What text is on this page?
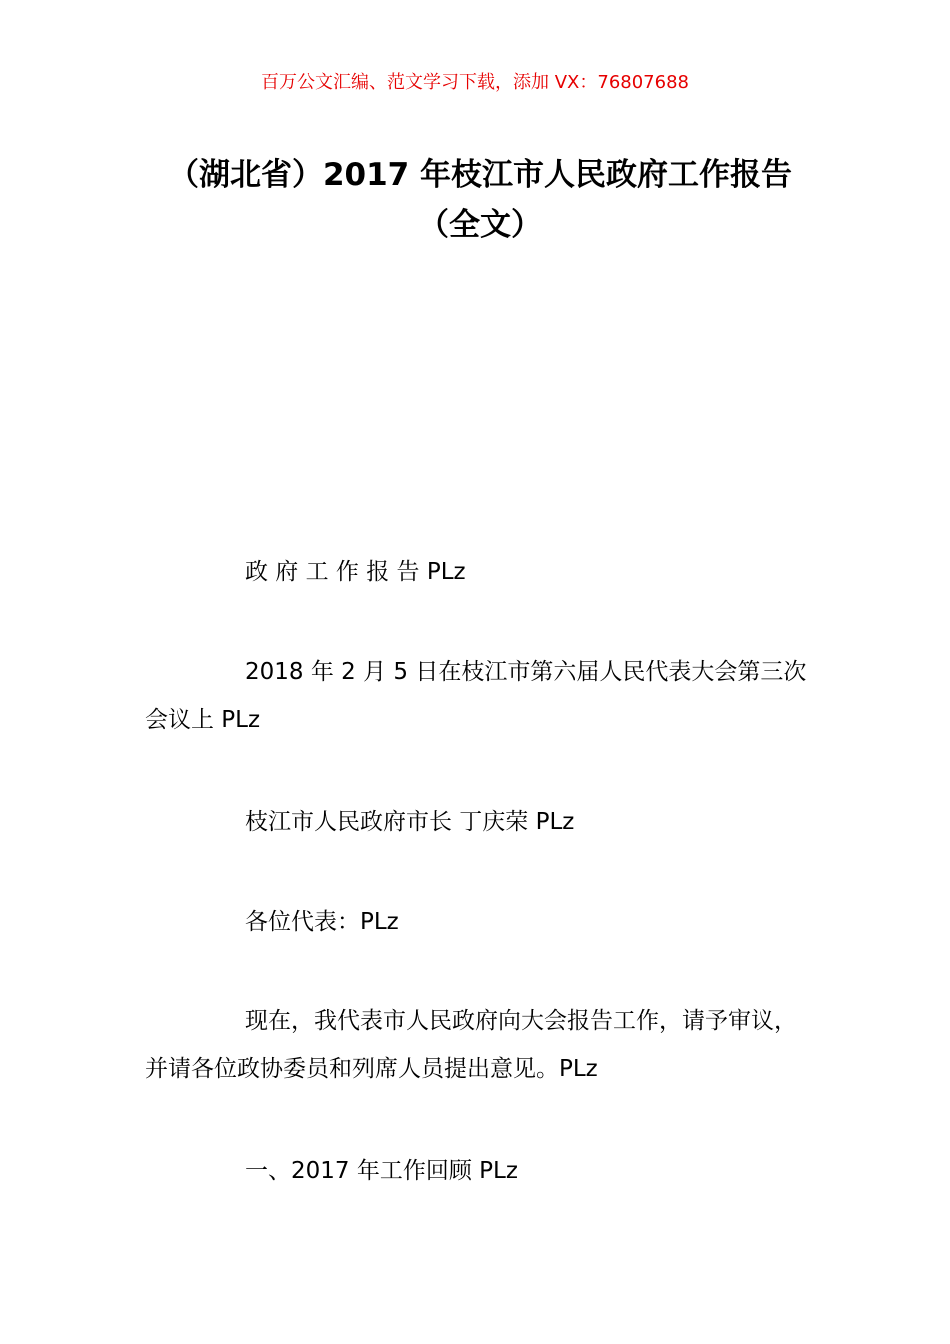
百万公文汇编、范文学习下载，添加 VX：76807688
（湖北省）2017 年枝江市人民政府工作报告（全文）
政 府 工 作 报 告 PLz
2018 年 2 月 5 日在枝江市第六届人民代表大会第三次会议上 PLz
枝江市人民政府市长 丁庆荣 PLz
各位代表：PLz
现在，我代表市人民政府向大会报告工作，请予审议，并请各位政协委员和列席人员提出意见。PLz
一、2017 年工作回顾 PLz
